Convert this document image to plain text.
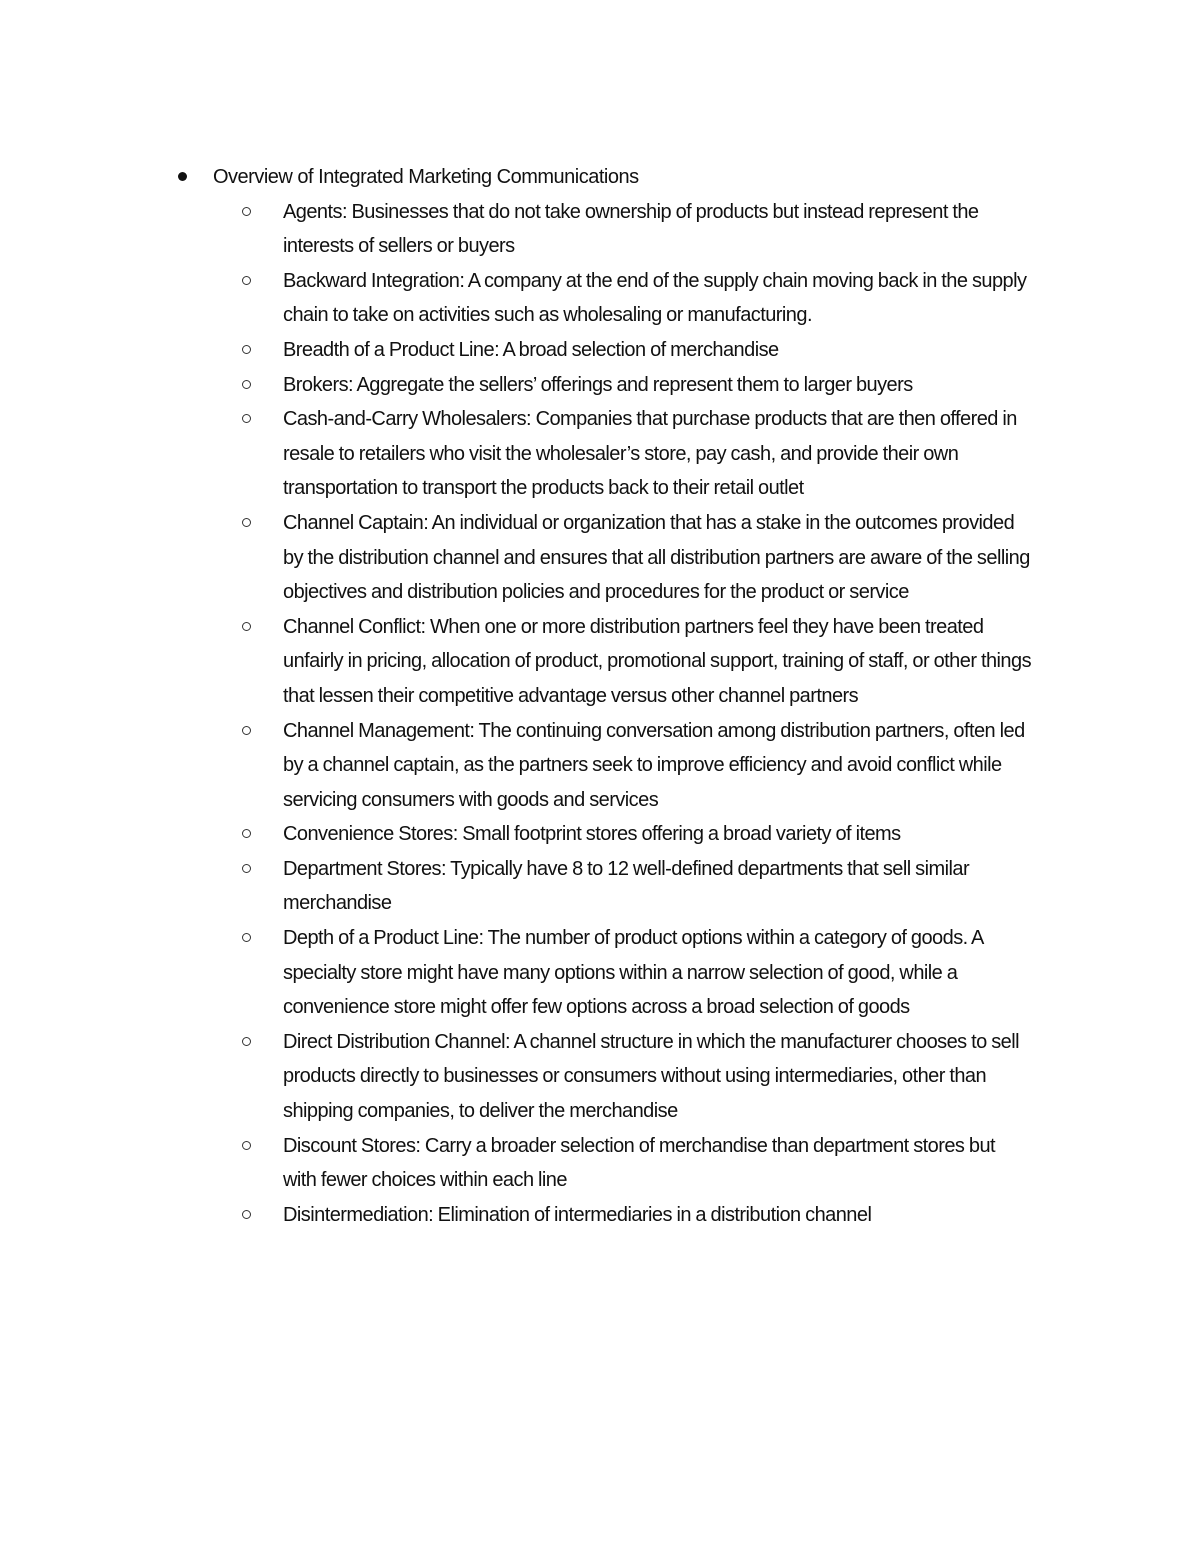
Overview of Integrated Marketing Communications
Agents: Businesses that do not take ownership of products but instead represent the interests of sellers or buyers
Backward Integration: A company at the end of the supply chain moving back in the supply chain to take on activities such as wholesaling or manufacturing.
Breadth of a Product Line: A broad selection of merchandise
Brokers: Aggregate the sellers’ offerings and represent them to larger buyers
Cash-and-Carry Wholesalers: Companies that purchase products that are then offered in resale to retailers who visit the wholesaler’s store, pay cash, and provide their own transportation to transport the products back to their retail outlet
Channel Captain: An individual or organization that has a stake in the outcomes provided by the distribution channel and ensures that all distribution partners are aware of the selling objectives and distribution policies and procedures for the product or service
Channel Conflict: When one or more distribution partners feel they have been treated unfairly in pricing, allocation of product, promotional support, training of staff, or other things that lessen their competitive advantage versus other channel partners
Channel Management: The continuing conversation among distribution partners, often led by a channel captain, as the partners seek to improve efficiency and avoid conflict while servicing consumers with goods and services
Convenience Stores: Small footprint stores offering a broad variety of items
Department Stores: Typically have 8 to 12 well-defined departments that sell similar merchandise
Depth of a Product Line: The number of product options within a category of goods. A specialty store might have many options within a narrow selection of good, while a convenience store might offer few options across a broad selection of goods
Direct Distribution Channel: A channel structure in which the manufacturer chooses to sell products directly to businesses or consumers without using intermediaries, other than shipping companies, to deliver the merchandise
Discount Stores: Carry a broader selection of merchandise than department stores but with fewer choices within each line
Disintermediation: Elimination of intermediaries in a distribution channel
